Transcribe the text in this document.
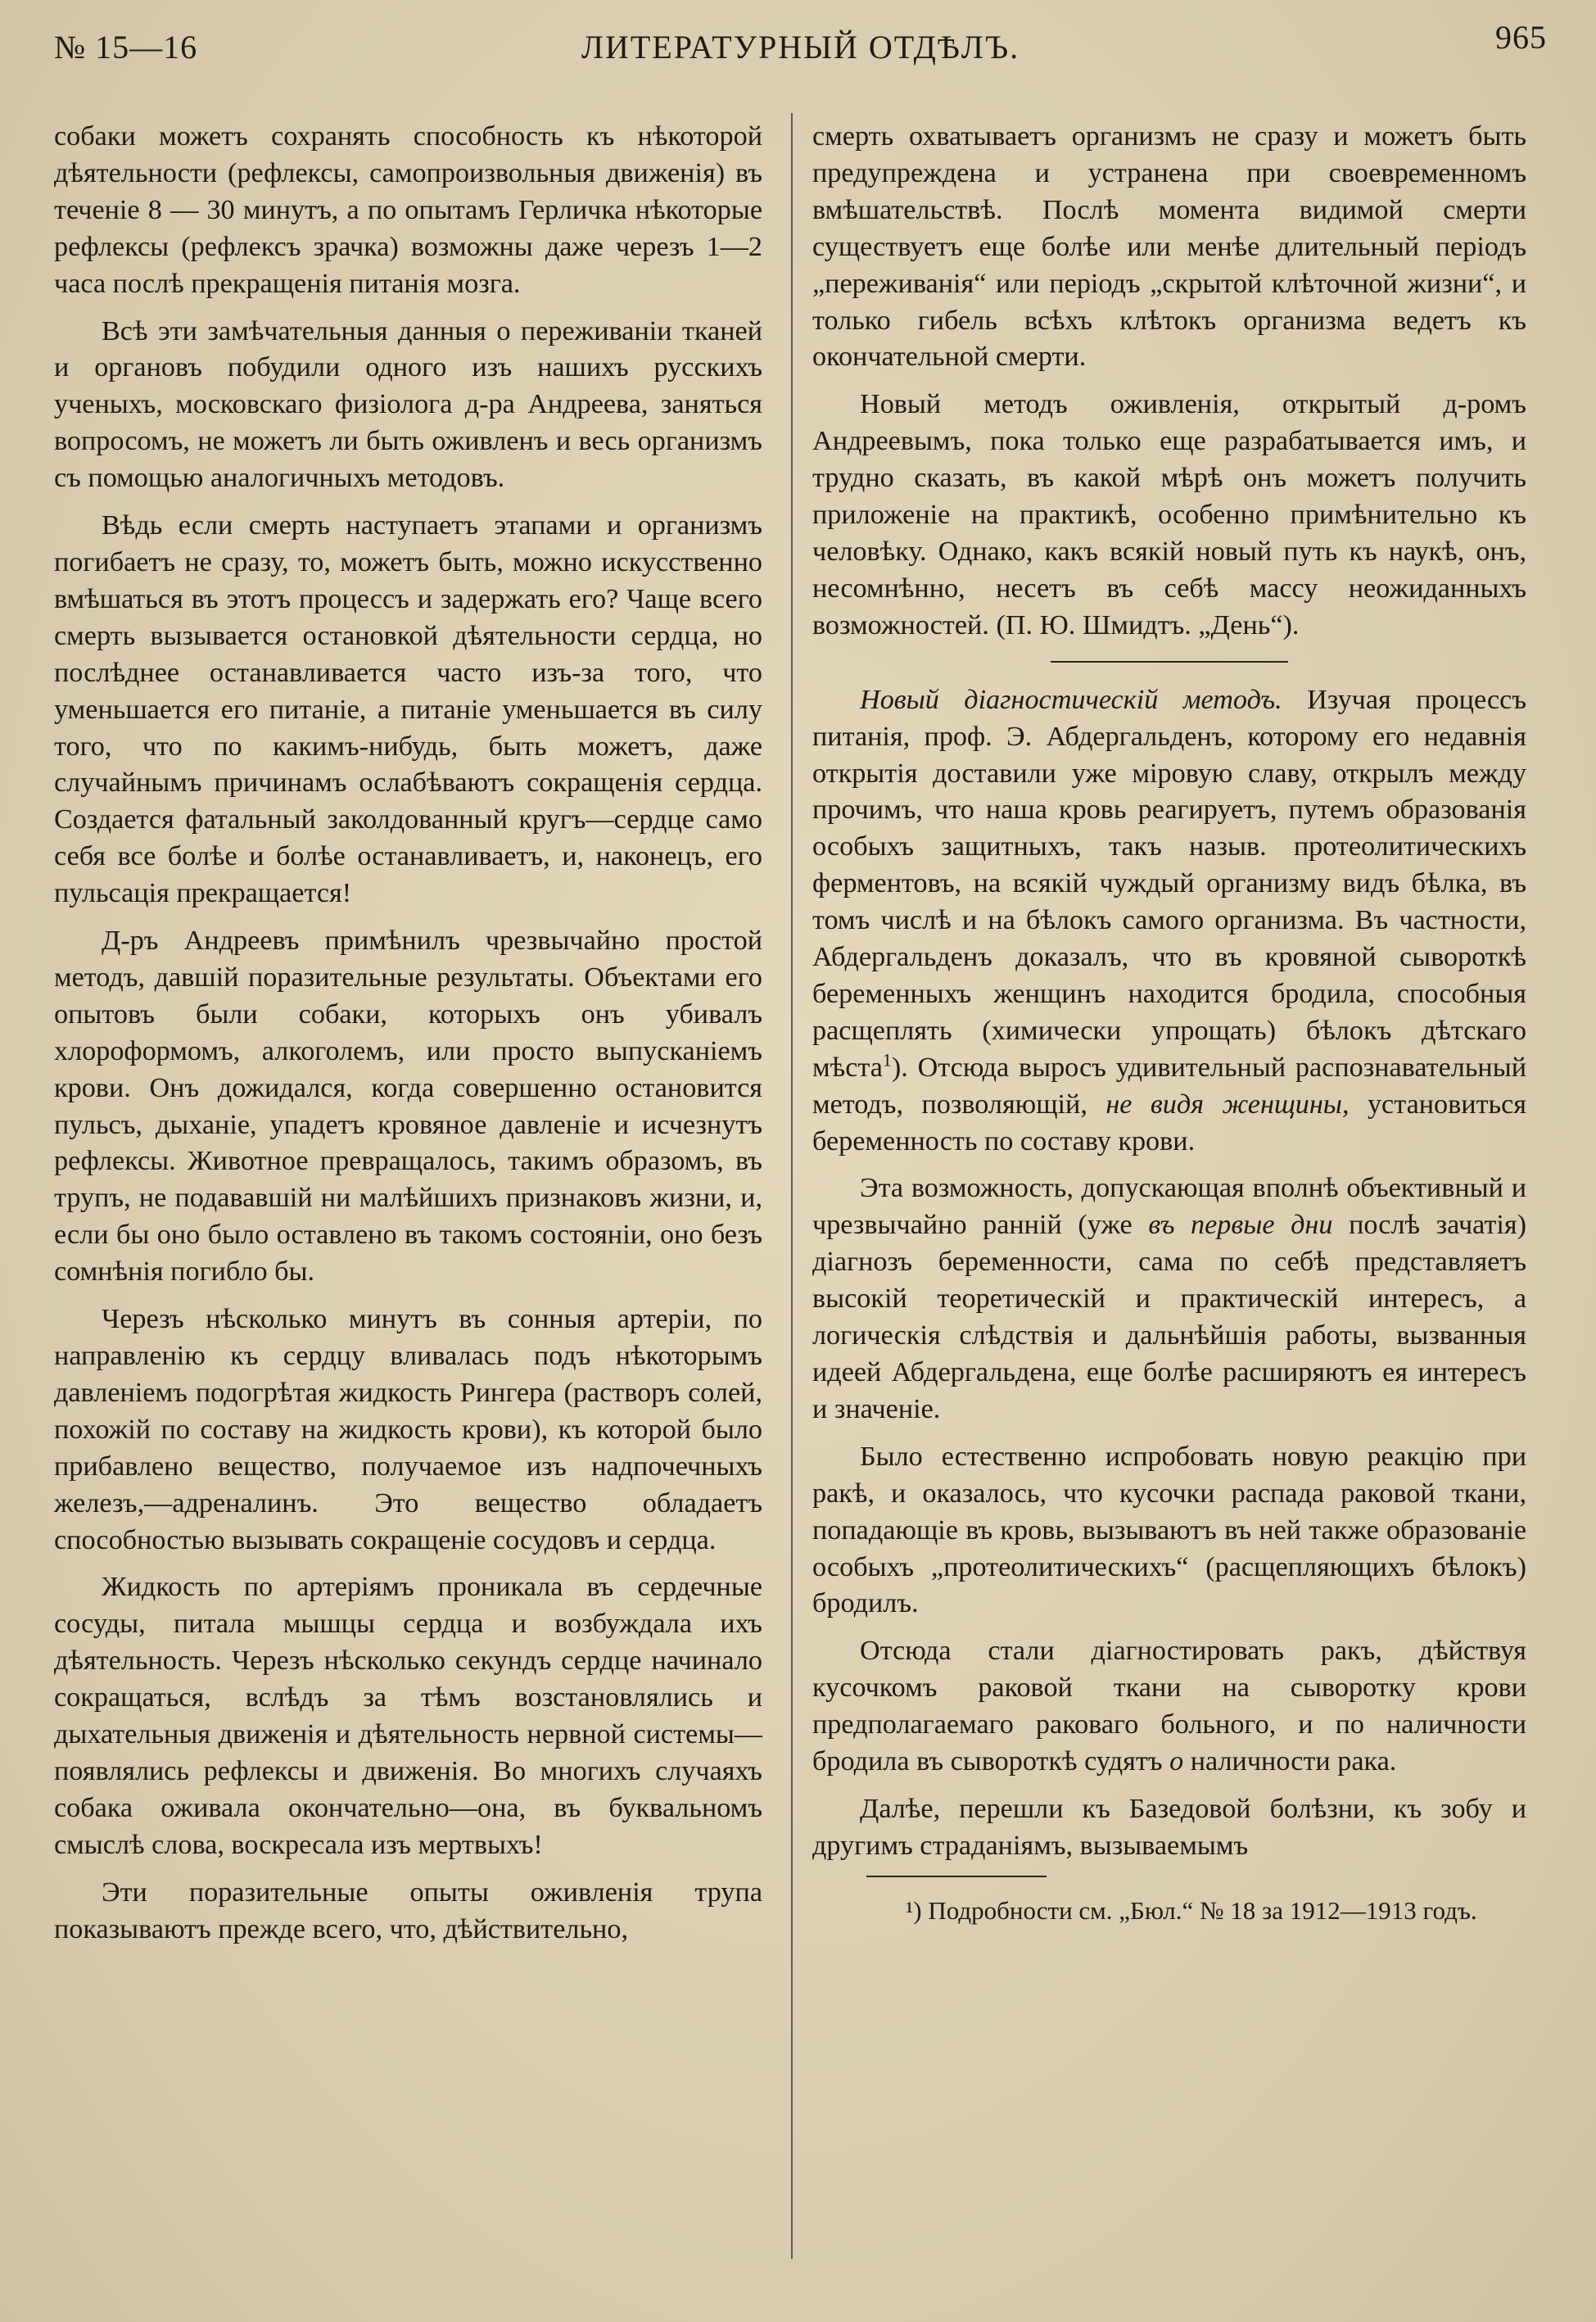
№ 15—16	ЛИТЕРАТУРНЫЙ ОТДѢЛЪ.	965

собаки можетъ сохранять способность къ нѣкоторой дѣятельности (рефлексы, самопроизвольныя движенія) въ теченіе 8 — 30 минутъ, а по опытамъ Герличка нѣкоторые рефлексы (рефлексъ зрачка) возможны даже черезъ 1—2 часа послѣ прекращенія питанія мозга.

Всѣ эти замѣчательныя данныя о переживаніи тканей и органовъ побудили одного изъ нашихъ русскихъ ученыхъ, московскаго физіолога д-ра Андреева, заняться вопросомъ, не можетъ ли быть оживленъ и весь организмъ съ помощью аналогичныхъ методовъ.

Вѣдь если смерть наступаетъ этапами и организмъ погибаетъ не сразу, то, можетъ быть, можно искусственно вмѣшаться въ этотъ процессъ и задержать его? Чаще всего смерть вызывается остановкой дѣятельности сердца, но послѣднее останавливается часто изъ-за того, что уменьшается его питаніе, а питаніе уменьшается въ силу того, что по какимъ-нибудь, быть можетъ, даже случайнымъ причинамъ ослабѣваютъ сокращенія сердца. Создается фатальный заколдованный кругъ—сердце само себя все болѣе и болѣе останавливаетъ, и, наконецъ, его пульсація прекращается!

Д-ръ Андреевъ примѣнилъ чрезвычайно простой методъ, давшій поразительные результаты. Объектами его опытовъ были собаки, которыхъ онъ убивалъ хлороформомъ, алкоголемъ, или просто выпусканіемъ крови. Онъ дожидался, когда совершенно остановится пульсъ, дыханіе, упадетъ кровяное давленіе и исчезнутъ рефлексы. Животное превращалось, такимъ образомъ, въ трупъ, не подававшій ни малѣйшихъ признаковъ жизни, и, если бы оно было оставлено въ такомъ состояніи, оно безъ сомнѣнія погибло бы.

Черезъ нѣсколько минутъ въ сонныя артеріи, по направленію къ сердцу вливалась подъ нѣкоторымъ давленіемъ подогрѣтая жидкость Рингера (растворъ солей, похожій по составу на жидкость крови), къ которой было прибавлено вещество, получаемое изъ надпочечныхъ железъ,—адреналинъ. Это вещество обладаетъ способностью вызывать сокращеніе сосудовъ и сердца.

Жидкость по артеріямъ проникала въ сердечные сосуды, питала мышцы сердца и возбуждала ихъ дѣятельность. Черезъ нѣсколько секундъ сердце начинало сокращаться, вслѣдъ за тѣмъ возстановлялись и дыхательныя движенія и дѣятельность нервной системы—появлялись рефлексы и движенія. Во многихъ случаяхъ собака оживала окончательно—она, въ буквальномъ смыслѣ слова, воскресала изъ мертвыхъ!

Эти поразительные опыты оживленія трупа показываютъ прежде всего, что, дѣйствительно,

смерть охватываетъ организмъ не сразу и можетъ быть предупреждена и устранена при своевременномъ вмѣшательствѣ. Послѣ момента видимой смерти существуетъ еще болѣе или менѣе длительный періодъ „переживанія“ или періодъ „скрытой клѣточной жизни“, и только гибель всѣхъ клѣтокъ организма ведетъ къ окончательной смерти.

Новый методъ оживленія, открытый д-ромъ Андреевымъ, пока только еще разрабатывается имъ, и трудно сказать, въ какой мѣрѣ онъ можетъ получить приложеніе на практикѣ, особенно примѣнительно къ человѣку. Однако, какъ всякій новый путь къ наукѣ, онъ, несомнѣнно, несетъ въ себѣ массу неожиданныхъ возможностей. (П. Ю. Шмидтъ. „День“).

Новый діагностическій методъ. Изучая процессъ питанія, проф. Э. Абдергальденъ, которому его недавнія открытія доставили уже міровую славу, открылъ между прочимъ, что наша кровь реагируетъ, путемъ образованія особыхъ защитныхъ, такъ назыв. протеолитическихъ ферментовъ, на всякій чуждый организму видъ бѣлка, въ томъ числѣ и на бѣлокъ самого организма. Въ частности, Абдергальденъ доказалъ, что въ кровяной сывороткѣ беременныхъ женщинъ находится бродила, способныя расщеплять (химически упрощать) бѣлокъ дѣтскаго мѣста$^1$). Отсюда выросъ удивительный распознавательный методъ, позволяющій, не видя женщины, установиться беременность по составу крови.

Эта возможность, допускающая вполнѣ объективный и чрезвычайно ранній (уже въ первые дни послѣ зачатія) діагнозъ беременности, сама по себѣ представляетъ высокій теоретическій и практическій интересъ, а логическія слѣдствія и дальнѣйшія работы, вызванныя идеей Абдергальдена, еще болѣе расширяютъ ея интересъ и значеніе.

Было естественно испробовать новую реакцію при ракѣ, и оказалось, что кусочки распада раковой ткани, попадающіе въ кровь, вызываютъ въ ней также образованіе особыхъ „протеолитическихъ“ (расщепляющихъ бѣлокъ) бродилъ.

Отсюда стали діагностировать ракъ, дѣйствуя кусочкомъ раковой ткани на сыворотку крови предполагаемаго раковаго больного, и по наличности бродила въ сывороткѣ судятъ о наличности рака.

Далѣе, перешли къ Базедовой болѣзни, къ зобу и другимъ страданіямъ, вызываемымъ

¹) Подробности см. „Бюл.“ № 18 за 1912—1913 годъ.
